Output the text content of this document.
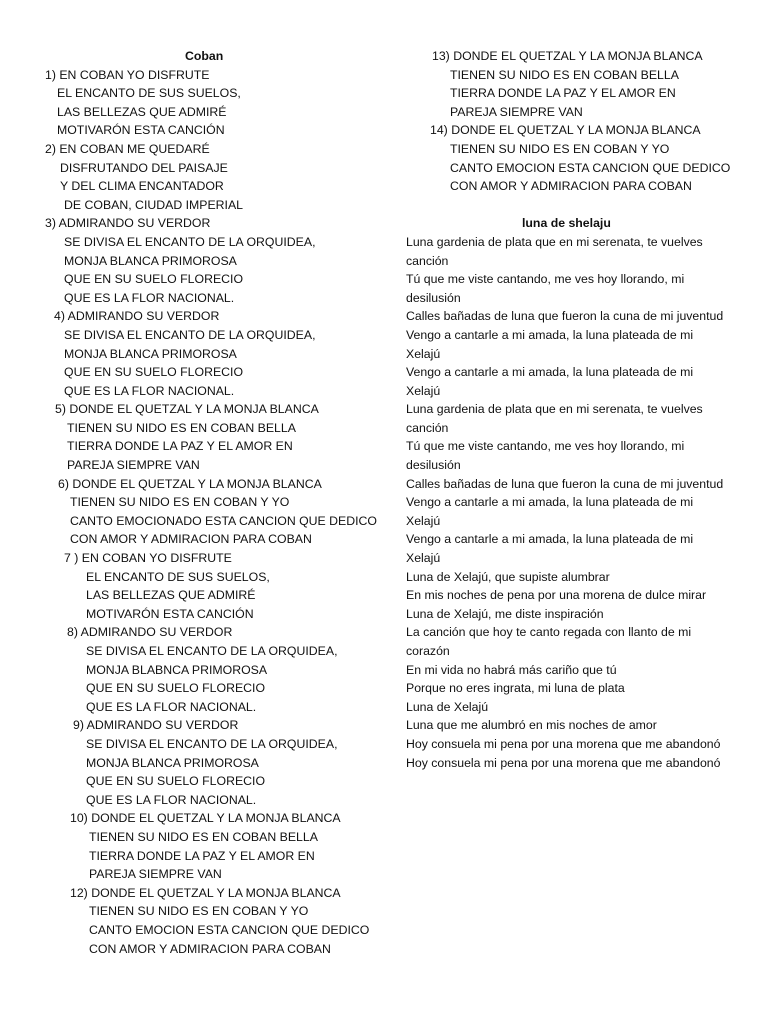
Coban
1) EN COBAN YO DISFRUTE
EL ENCANTO DE SUS SUELOS,
LAS BELLEZAS QUE ADMIRÉ
MOTIVARÓN ESTA CANCIÓN
2) EN COBAN ME QUEDARÉ
DISFRUTANDO DEL PAISAJE
Y DEL CLIMA ENCANTADOR
DE COBAN, CIUDAD IMPERIAL
3) ADMIRANDO SU VERDOR
SE DIVISA EL ENCANTO DE LA ORQUIDEA,
MONJA BLANCA PRIMOROSA
QUE EN SU SUELO FLORECIO
QUE ES LA FLOR NACIONAL.
4) ADMIRANDO SU VERDOR
SE DIVISA EL ENCANTO DE LA ORQUIDEA,
MONJA BLANCA PRIMOROSA
QUE EN SU SUELO FLORECIO
QUE ES LA FLOR NACIONAL.
5) DONDE EL QUETZAL Y LA MONJA BLANCA
TIENEN SU NIDO ES EN COBAN BELLA
TIERRA DONDE LA PAZ Y EL AMOR EN
PAREJA SIEMPRE VAN
6) DONDE EL QUETZAL Y LA MONJA BLANCA
TIENEN SU NIDO ES EN COBAN Y YO
CANTO EMOCIONADO ESTA CANCION QUE DEDICO
CON AMOR Y ADMIRACION PARA COBAN
7 ) EN COBAN YO DISFRUTE
EL ENCANTO DE SUS SUELOS,
LAS BELLEZAS QUE ADMIRÉ
MOTIVARÓN ESTA CANCIÓN
8) ADMIRANDO SU VERDOR
SE DIVISA EL ENCANTO DE LA ORQUIDEA,
MONJA BLABNCA PRIMOROSA
QUE EN SU SUELO FLORECIO
QUE ES LA FLOR NACIONAL.
9) ADMIRANDO SU VERDOR
SE DIVISA EL ENCANTO DE LA ORQUIDEA,
MONJA BLANCA PRIMOROSA
QUE EN SU SUELO FLORECIO
QUE ES LA FLOR NACIONAL.
10) DONDE EL QUETZAL Y LA MONJA BLANCA
TIENEN SU NIDO ES EN COBAN BELLA
TIERRA DONDE LA PAZ Y EL AMOR EN
PAREJA SIEMPRE VAN
12) DONDE EL QUETZAL Y LA MONJA BLANCA
TIENEN SU NIDO ES EN COBAN Y YO
CANTO EMOCION ESTA CANCION QUE DEDICO
CON AMOR Y ADMIRACION PARA COBAN
13) DONDE EL QUETZAL Y LA MONJA BLANCA
TIENEN SU NIDO ES EN COBAN BELLA
TIERRA DONDE LA PAZ Y EL AMOR EN
PAREJA SIEMPRE VAN
14) DONDE EL QUETZAL Y LA MONJA BLANCA
TIENEN SU NIDO ES EN COBAN Y YO
CANTO EMOCION ESTA CANCION QUE DEDICO
CON AMOR Y ADMIRACION PARA COBAN
luna de shelaju
Luna gardenia de plata que en mi serenata, te vuelves canción
Tú que me viste cantando, me ves hoy llorando, mi desilusión
Calles bañadas de luna que fueron la cuna de mi juventud
Vengo a cantarle a mi amada, la luna plateada de mi Xelajú
Vengo a cantarle a mi amada, la luna plateada de mi Xelajú
Luna gardenia de plata que en mi serenata, te vuelves canción
Tú que me viste cantando, me ves hoy llorando, mi desilusión
Calles bañadas de luna que fueron la cuna de mi juventud
Vengo a cantarle a mi amada, la luna plateada de mi Xelajú
Vengo a cantarle a mi amada, la luna plateada de mi Xelajú
Luna de Xelajú, que supiste alumbrar
En mis noches de pena por una morena de dulce mirar
Luna de Xelajú, me diste inspiración
La canción que hoy te canto regada con llanto de mi corazón
En mi vida no habrá más cariño que tú
Porque no eres ingrata, mi luna de plata
Luna de Xelajú
Luna que me alumbró en mis noches de amor
Hoy consuela mi pena por una morena que me abandonó
Hoy consuela mi pena por una morena que me abandonó
